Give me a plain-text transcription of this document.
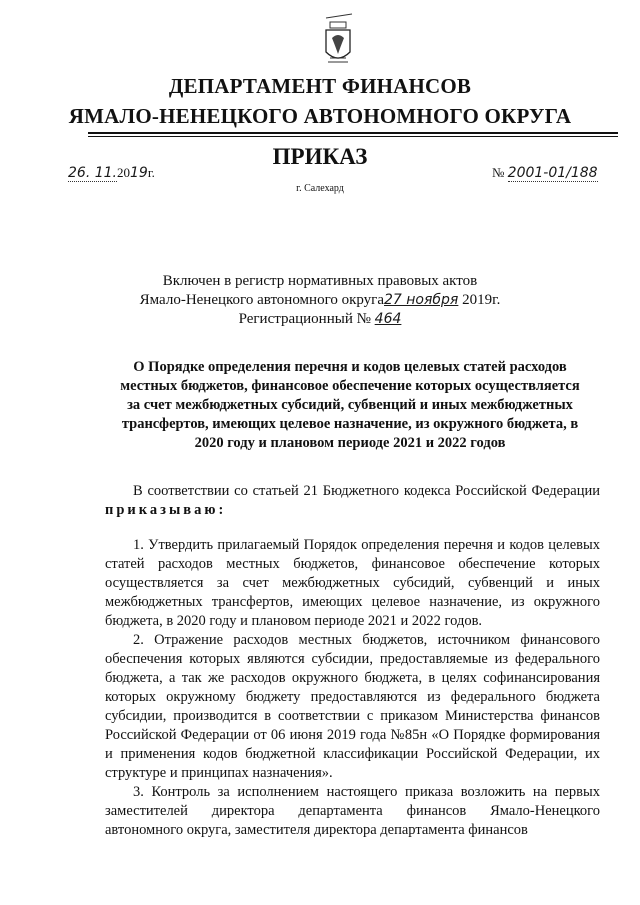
ДЕПАРТАМЕНТ ФИНАНСОВ
ЯМАЛО-НЕНЕЦКОГО АВТОНОМНОГО ОКРУГА
ПРИКАЗ
26. 11.2019г.
г. Салехард
№ 2001-01/188
Включен в регистр нормативных правовых актов
Ямало-Ненецкого автономного округа27 ноября 2019г.
Регистрационный № 464
О Порядке определения перечня и кодов целевых статей расходов
местных бюджетов, финансовое обеспечение которых осуществляется
за счет межбюджетных субсидий, субвенций и иных межбюджетных
трансфертов, имеющих целевое назначение, из окружного бюджета, в
2020 году и плановом периоде 2021 и 2022 годов

В соответствии со статьей 21 Бюджетного кодекса Российской Федерации приказываю:

1. Утвердить прилагаемый Порядок определения перечня и кодов целевых статей расходов местных бюджетов, финансовое обеспечение которых осуществляется за счет межбюджетных субсидий, субвенций и иных межбюджетных трансфертов, имеющих целевое назначение, из окружного бюджета, в 2020 году и плановом периоде 2021 и 2022 годов.

2. Отражение расходов местных бюджетов, источником финансового обеспечения которых являются субсидии, предоставляемые из федерального бюджета, а так же расходов окружного бюджета, в целях софинансирования которых окружному бюджету предоставляются из федерального бюджета субсидии, производится в соответствии с приказом Министерства финансов Российской Федерации от 06 июня 2019 года №85н «О Порядке формирования и применения кодов бюджетной классификации Российской Федерации, их структуре и принципах назначения».

3. Контроль за исполнением настоящего приказа возложить на первых заместителей директора департамента финансов Ямало-Ненецкого автономного округа, заместителя директора департамента финансов
